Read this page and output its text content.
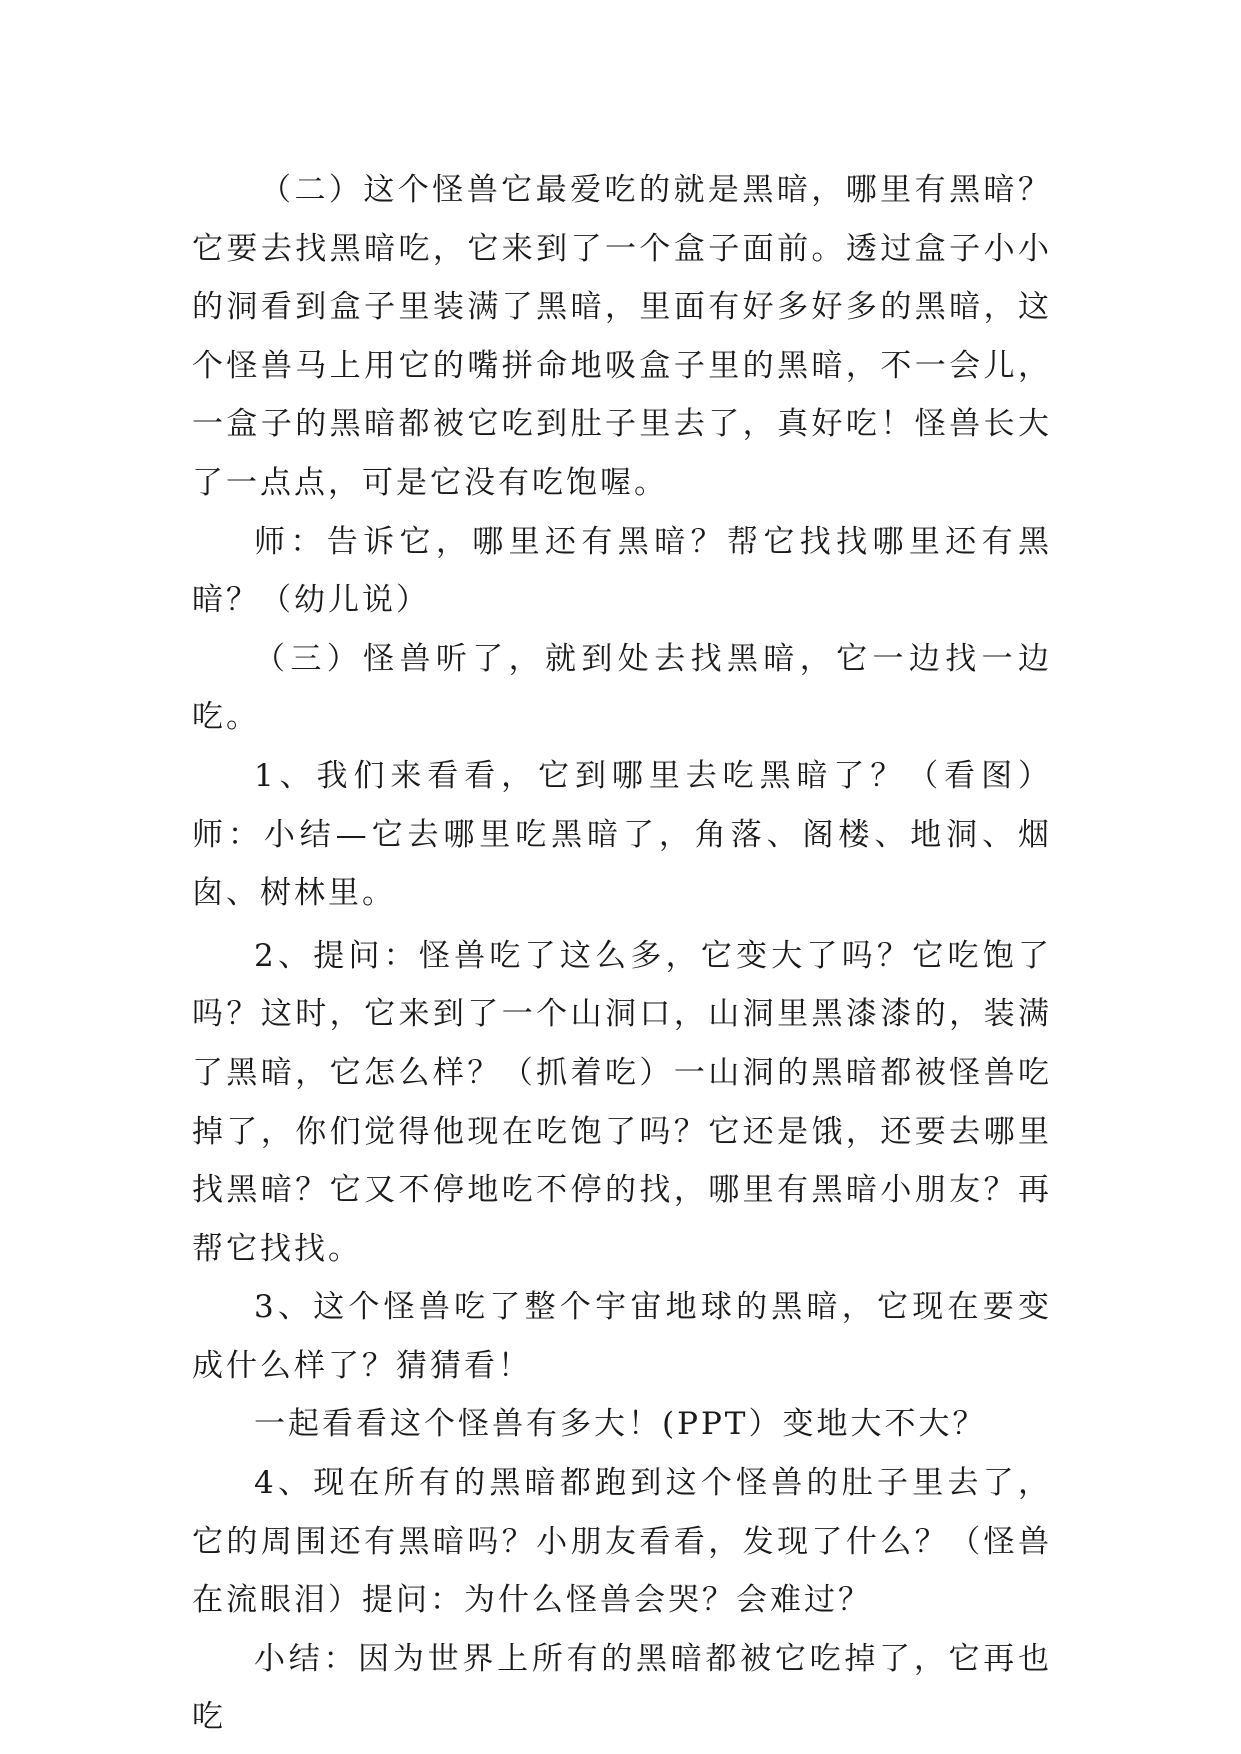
（二）这个怪兽它最爱吃的就是黑暗，哪里有黑暗？它要去找黑暗吃，它来到了一个盒子面前。透过盒子小小的洞看到盒子里装满了黑暗，里面有好多好多的黑暗，这个怪兽马上用它的嘴拼命地吸盒子里的黑暗，不一会儿，一盒子的黑暗都被它吃到肚子里去了，真好吃！怪兽长大了一点点，可是它没有吃饱喔。

师：告诉它，哪里还有黑暗？帮它找找哪里还有黑暗？（幼儿说）

（三）怪兽听了，就到处去找黑暗，它一边找一边吃。

1、我们来看看，它到哪里去吃黑暗了？（看图）师：小结—它去哪里吃黑暗了，角落、阁楼、地洞、烟囱、树林里。

2、提问：怪兽吃了这么多，它变大了吗？它吃饱了吗？这时，它来到了一个山洞口，山洞里黑漆漆的，装满了黑暗，它怎么样？（抓着吃）一山洞的黑暗都被怪兽吃掉了，你们觉得他现在吃饱了吗？它还是饿，还要去哪里找黑暗？它又不停地吃不停的找，哪里有黑暗小朋友？再帮它找找。

3、这个怪兽吃了整个宇宙地球的黑暗，它现在要变成什么样了？猜猜看！

一起看看这个怪兽有多大！(PPT）变地大不大？

4、现在所有的黑暗都跑到这个怪兽的肚子里去了，它的周围还有黑暗吗？小朋友看看，发现了什么？（怪兽在流眼泪）提问：为什么怪兽会哭？会难过？

小结：因为世界上所有的黑暗都被它吃掉了，它再也吃
